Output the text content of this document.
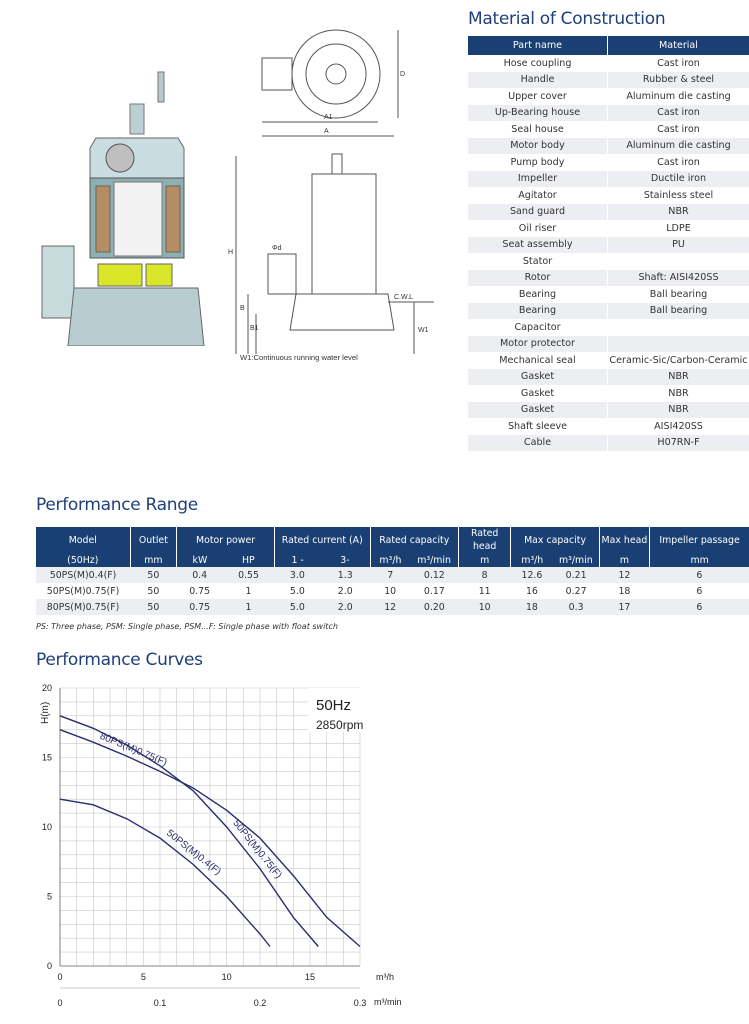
D
A1
A
H
Φd
B
B1
C.W.L
W1
W1:Continuous running water level
Material of Construction
Part name	Material
Hose coupling	Cast iron
Handle	Rubber & steel
Upper cover	Aluminum die casting
Up-Bearing house	Cast iron
Seal house	Cast iron
Motor body	Aluminum die casting
Pump body	Cast iron
Impeller	Ductile iron
Agitator	Stainless steel
Sand guard	NBR
Oil riser	LDPE
Seat assembly	PU
Stator	
Rotor	Shaft: AISI420SS
Bearing	Ball bearing
Bearing	Ball bearing
Capacitor	
Motor protector	
Mechanical seal	Ceramic-Sic/Carbon-Ceramic
Gasket	NBR
Gasket	NBR
Gasket	NBR
Shaft sleeve	AISI420SS
Cable	H07RN-F
Performance Range
Model	Outlet	Motor power		Rated current (A)		Rated capacity		Rated head	Max capacity		Max head	Impeller passage
(50Hz)	mm	kW	HP	1 -	3-	m³/h	m³/min	m	m³/h	m³/min	m	mm
50PS(M)0.4(F)	50	0.4	0.55	3.0	1.3	7	0.12	8	12.6	0.21	12	6
50PS(M)0.75(F)	50	0.75	1	5.0	2.0	10	0.17	11	16	0.27	18	6
80PS(M)0.75(F)	50	0.75	1	5.0	2.0	12	0.20	10	18	0.3	17	6
PS: Three phase, PSM: Single phase, PSM...F: Single phase with float switch
Performance Curves
0
5
10
15
20
0	5	10	15
0	0.1	0.2	0.3
80PS(M)0.75(F)
50PS(M)0.75(F)
50PS(M)0.4(F)
50Hz
2850rpm
H(m)
m³/h
m³/min
